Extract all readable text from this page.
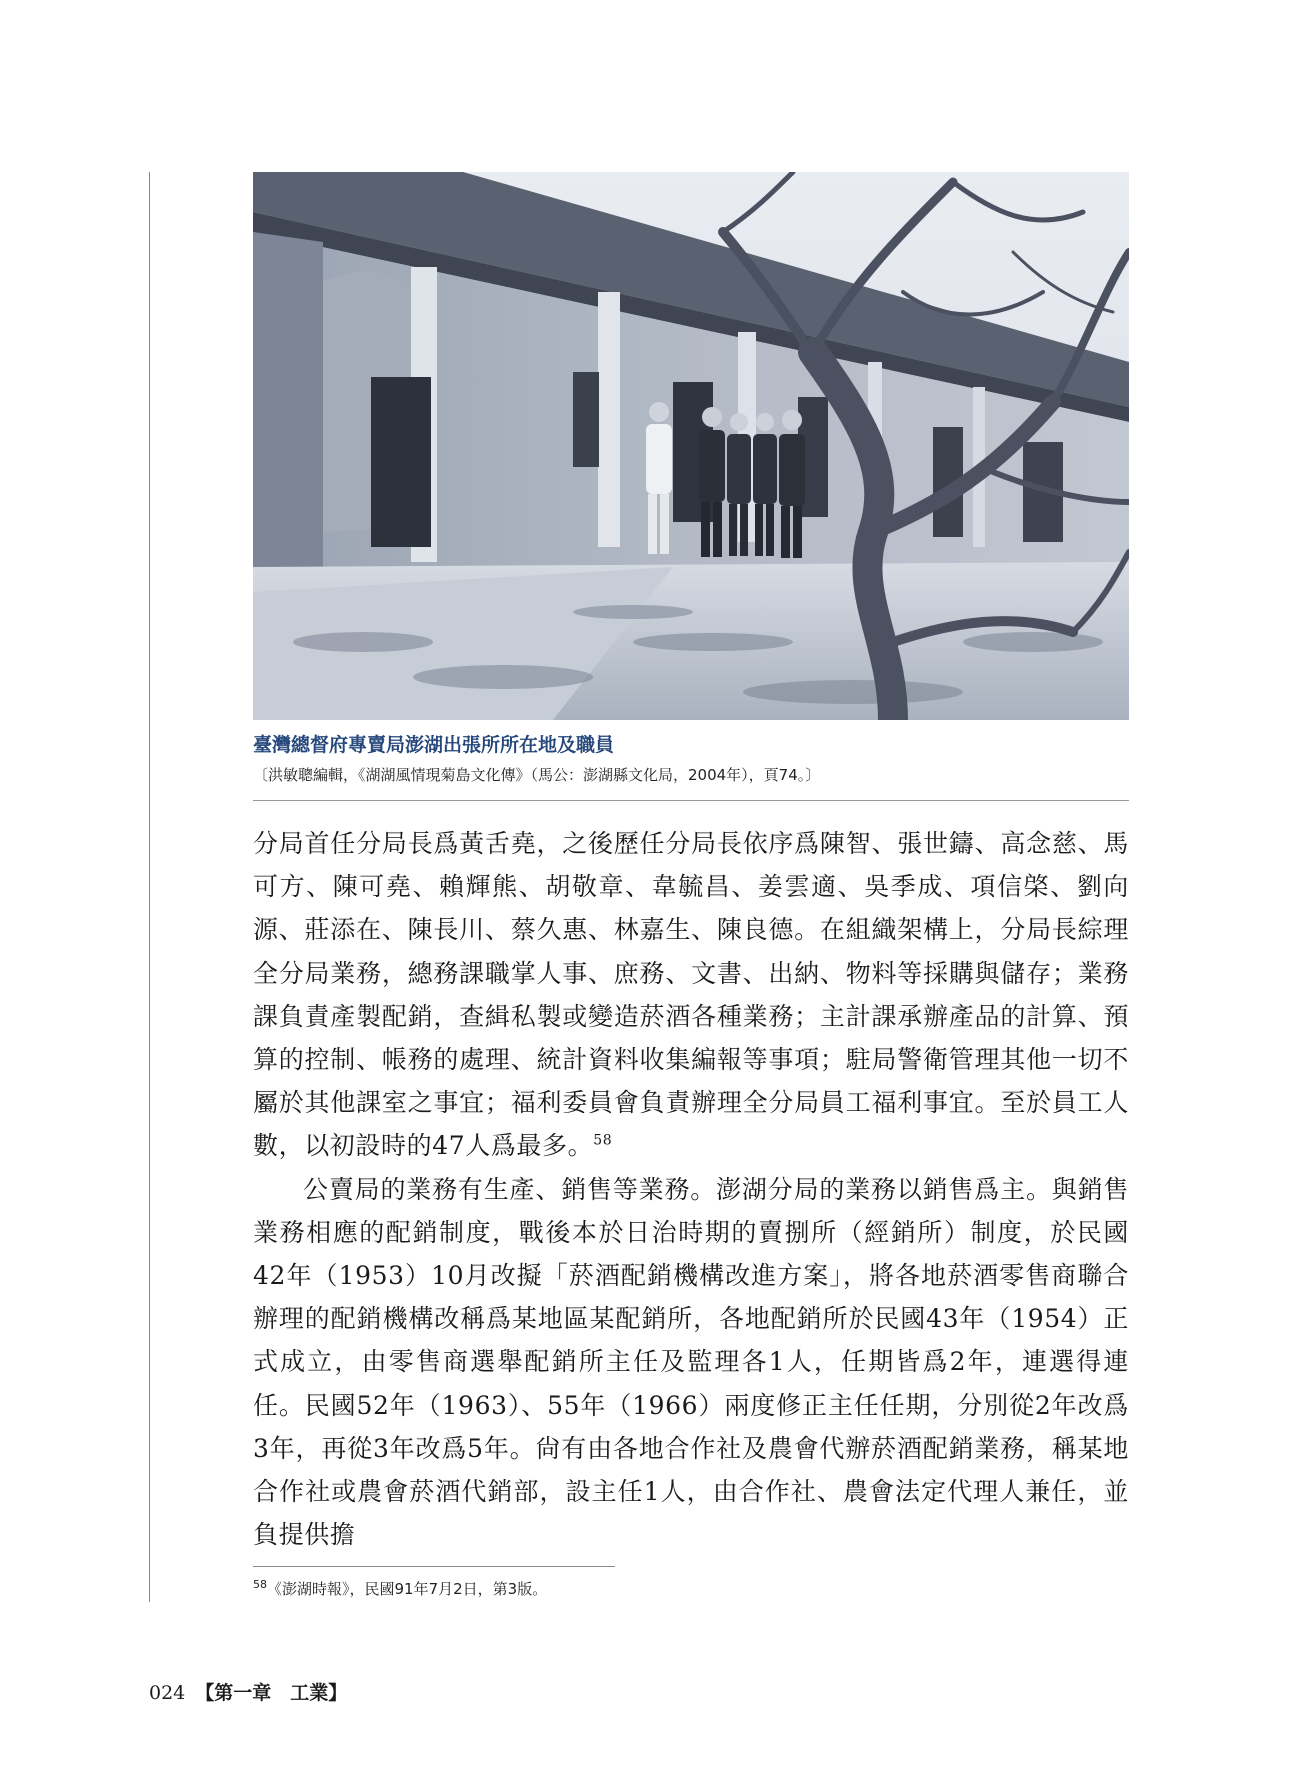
臺灣總督府專賣局澎湖出張所所在地及職員
〔洪敏聰編輯，《湖湖風情現菊島文化傳》（馬公：澎湖縣文化局，2004年），頁74。〕

分局首任分局長爲黃舌堯，之後歷任分局長依序爲陳智、張世鑄、高念慈、馬可方、陳可堯、賴輝熊、胡敬章、韋毓昌、姜雲適、吳季成、項信棨、劉向源、莊添在、陳長川、蔡久惠、林嘉生、陳良德。在組織架構上，分局長綜理全分局業務，總務課職掌人事、庶務、文書、出納、物料等採購與儲存；業務課負責產製配銷，查緝私製或變造菸酒各種業務；主計課承辦產品的計算、預算的控制、帳務的處理、統計資料收集編報等事項；駐局警衛管理其他一切不屬於其他課室之事宜；福利委員會負責辦理全分局員工福利事宜。至於員工人數，以初設時的47人爲最多。$^{58}$

公賣局的業務有生產、銷售等業務。澎湖分局的業務以銷售爲主。與銷售業務相應的配銷制度，戰後本於日治時期的賣捌所（經銷所）制度，於民國42年（1953）10月改擬「菸酒配銷機構改進方案」，將各地菸酒零售商聯合辦理的配銷機構改稱爲某地區某配銷所，各地配銷所於民國43年（1954）正式成立，由零售商選舉配銷所主任及監理各1人，任期皆爲2年，連選得連任。民國52年（1963）、55年（1966）兩度修正主任任期，分別從2年改爲3年，再從3年改爲5年。尙有由各地合作社及農會代辦菸酒配銷業務，稱某地合作社或農會菸酒代銷部，設主任1人，由合作社、農會法定代理人兼任，並負提供擔

$^{58}$《澎湖時報》，民國91年7月2日，第3版。
024 【第一章　工業】
